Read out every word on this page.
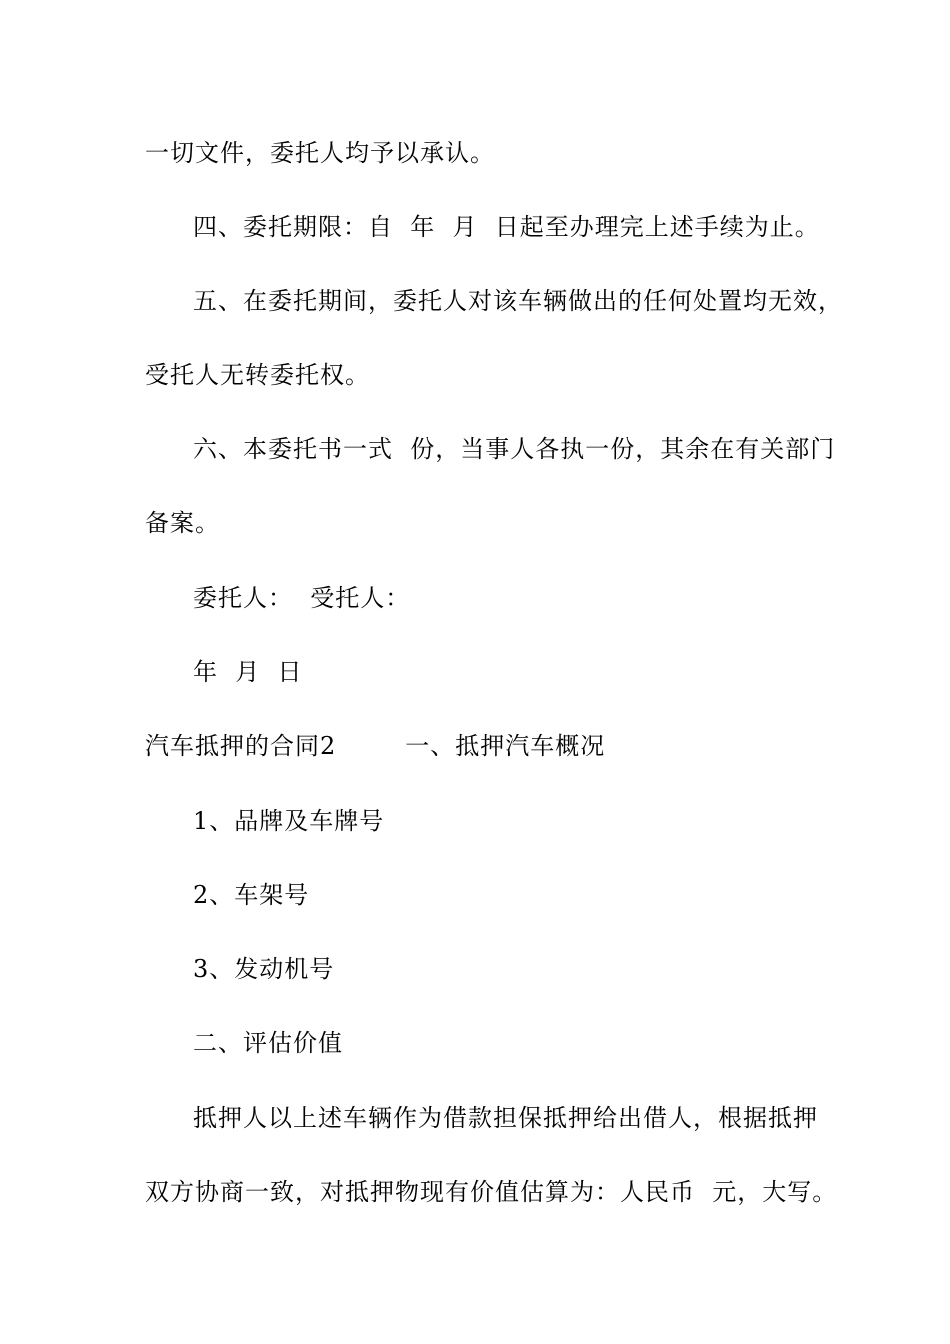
一切文件，委托人均予以承认。
四、委托期限：自  年  月  日起至办理完上述手续为止。
五、在委托期间，委托人对该车辆做出的任何处置均无效，
受托人无转委托权。
六、本委托书一式  份，当事人各执一份，其余在有关部门
备案。
委托人：  受托人：
年  月  日
汽车抵押的合同2        一、抵押汽车概况
1、品牌及车牌号
2、车架号
3、发动机号
二、评估价值
抵押人以上述车辆作为借款担保抵押给出借人，根据抵押
双方协商一致，对抵押物现有价值估算为：人民币  元，大写。
